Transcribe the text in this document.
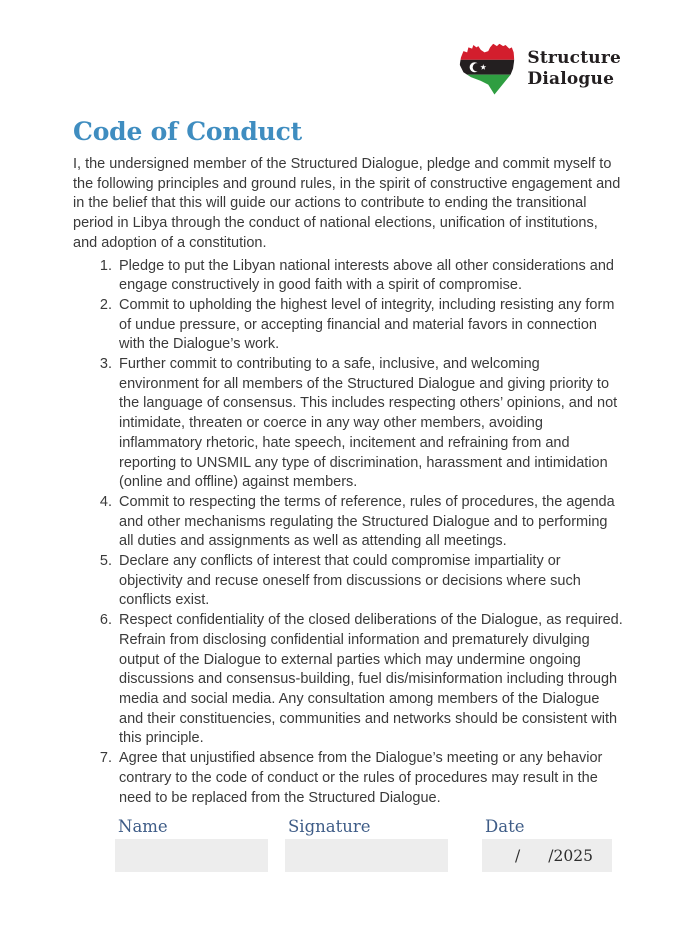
Structure
Dialogue
Code of Conduct

I, the undersigned member of the Structured Dialogue, pledge and commit myself to the following principles and ground rules, in the spirit of constructive engagement and in the belief that this will guide our actions to contribute to ending the transitional period in Libya through the conduct of national elections, unification of institutions, and adoption of a constitution.

1. Pledge to put the Libyan national interests above all other considerations and engage constructively in good faith with a spirit of compromise.
2. Commit to upholding the highest level of integrity, including resisting any form of undue pressure, or accepting financial and material favors in connection with the Dialogue’s work.
3. Further commit to contributing to a safe, inclusive, and welcoming environment for all members of the Structured Dialogue and giving priority to the language of consensus. This includes respecting others’ opinions, and not intimidate, threaten or coerce in any way other members, avoiding inflammatory rhetoric, hate speech, incitement and refraining from and reporting to UNSMIL any type of discrimination, harassment and intimidation (online and offline) against members.
4. Commit to respecting the terms of reference, rules of procedures, the agenda and other mechanisms regulating the Structured Dialogue and to performing all duties and assignments as well as attending all meetings.
5. Declare any conflicts of interest that could compromise impartiality or objectivity and recuse oneself from discussions or decisions where such conflicts exist.
6. Respect confidentiality of the closed deliberations of the Dialogue, as required. Refrain from disclosing confidential information and prematurely divulging output of the Dialogue to external parties which may undermine ongoing discussions and consensus-building, fuel dis/misinformation including through media and social media. Any consultation among members of the Dialogue and their constituencies, communities and networks should be consistent with this principle.
7. Agree that unjustified absence from the Dialogue’s meeting or any behavior contrary to the code of conduct or the rules of procedures may result in the need to be replaced from the Structured Dialogue.
Name	Signature	Date
/ / 2025
